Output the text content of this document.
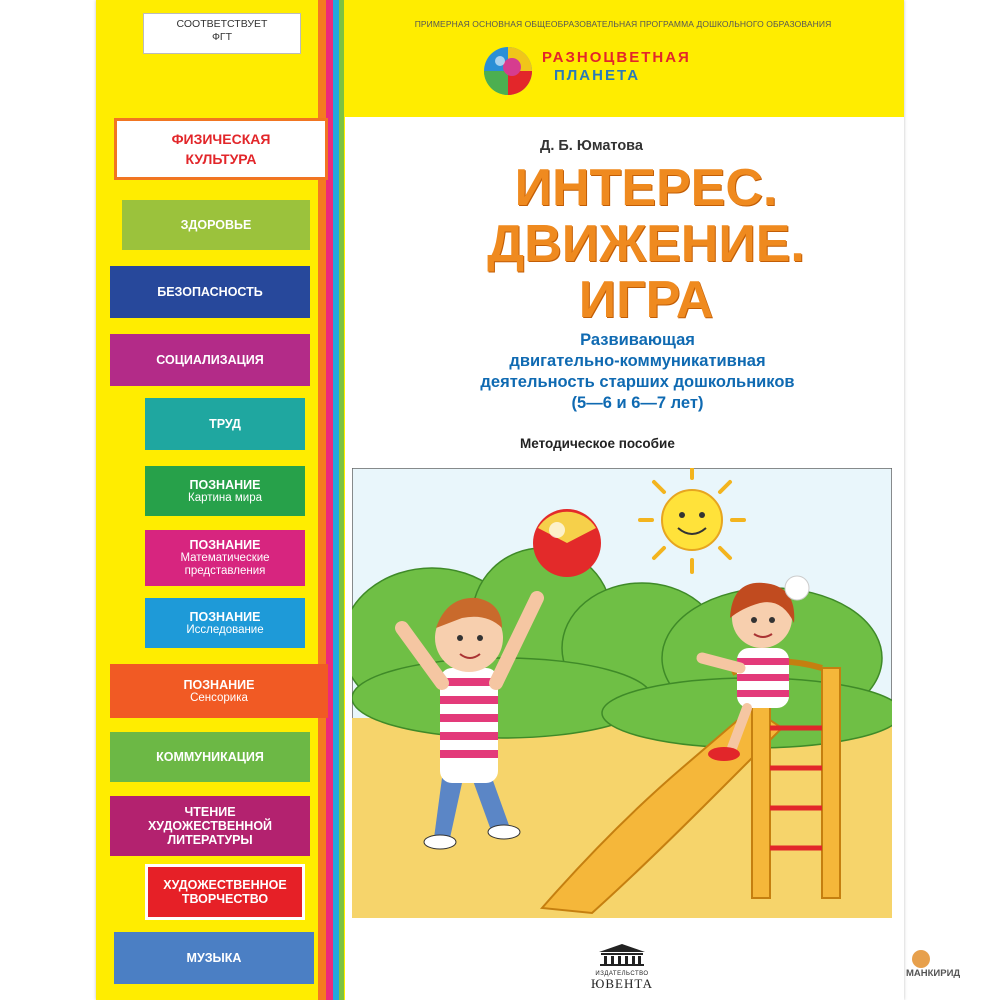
СООТВЕТСТВУЕТ
ФГТ
ПРИМЕРНАЯ ОСНОВНАЯ ОБЩЕОБРАЗОВАТЕЛЬНАЯ ПРОГРАММА ДОШКОЛЬНОГО ОБРАЗОВАНИЯ
РАЗНОЦВЕТНАЯ
ПЛАНЕТА
Д. Б. Юматова
ИНТЕРЕС.
ДВИЖЕНИЕ.
ИГРА
Развивающая
двигательно-коммуникативная
деятельность старших дошкольников
(5—6 и 6—7 лет)
Методическое пособие
ФИЗИЧЕСКАЯ
КУЛЬТУРА
ЗДОРОВЬЕ
БЕЗОПАСНОСТЬ
СОЦИАЛИЗАЦИЯ
ТРУД
ПОЗНАНИЕ
Картина мира
ПОЗНАНИЕ
Математические представления
ПОЗНАНИЕ
Исследование
ПОЗНАНИЕ
Сенсорика
КОММУНИКАЦИЯ
ЧТЕНИЕ
ХУДОЖЕСТВЕННОЙ ЛИТЕРАТУРЫ
ХУДОЖЕСТВЕННОЕ
ТВОРЧЕСТВО
МУЗЫКА
ИЗДАТЕЛЬСТВО
ЮВЕНТА
МАНКИРИД
